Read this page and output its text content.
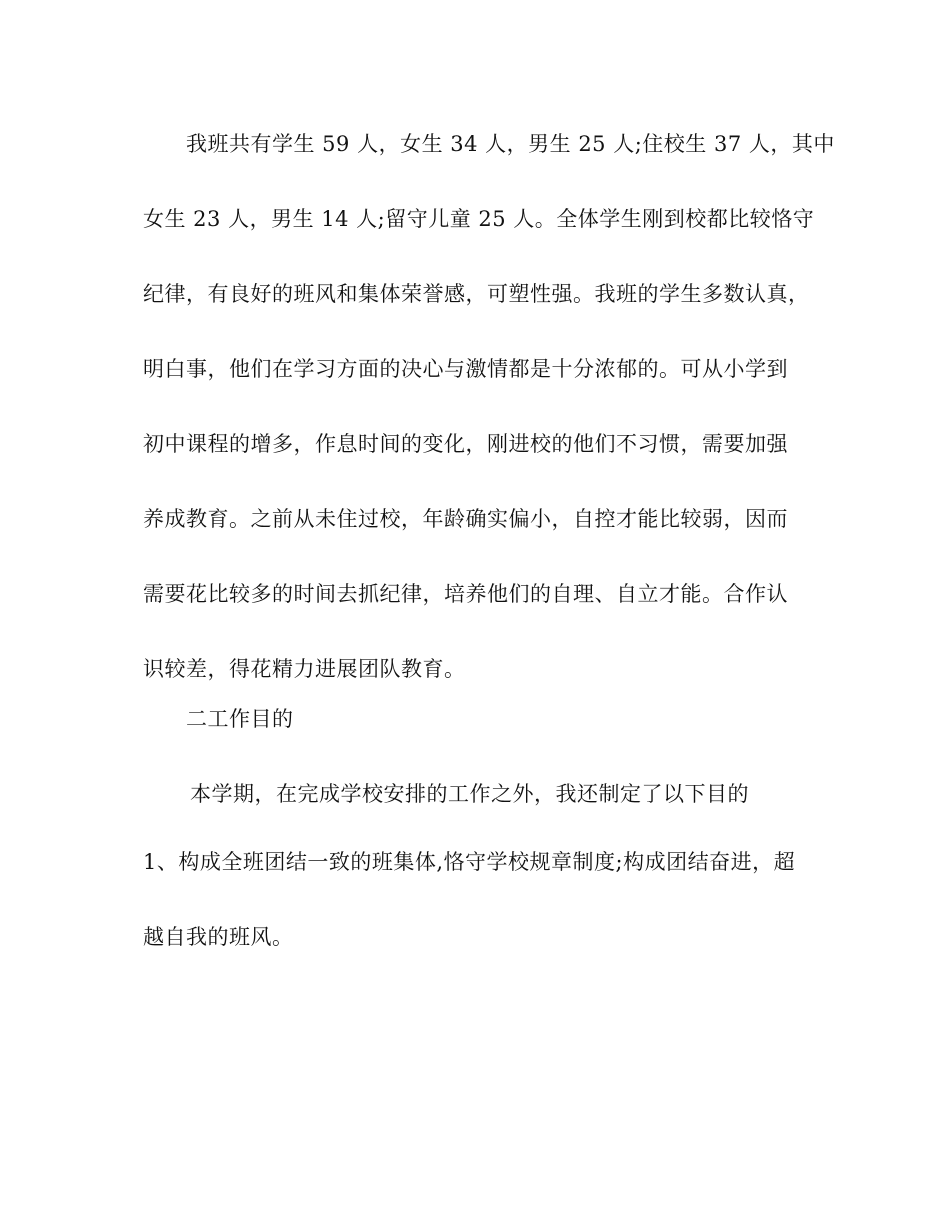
我班共有学生 59 人，女生 34 人，男生 25 人;住校生 37 人，其中
女生 23 人，男生 14 人;留守儿童 25 人。全体学生刚到校都比较恪守
纪律，有良好的班风和集体荣誉感，可塑性强。我班的学生多数认真，
明白事，他们在学习方面的决心与激情都是十分浓郁的。可从小学到
初中课程的增多，作息时间的变化，刚进校的他们不习惯，需要加强
养成教育。之前从未住过校，年龄确实偏小，自控才能比较弱，因而
需要花比较多的时间去抓纪律，培养他们的自理、自立才能。合作认
识较差，得花精力进展团队教育。
二工作目的
本学期，在完成学校安排的工作之外，我还制定了以下目的
1、构成全班团结一致的班集体,恪守学校规章制度;构成团结奋进，超
越自我的班风。
